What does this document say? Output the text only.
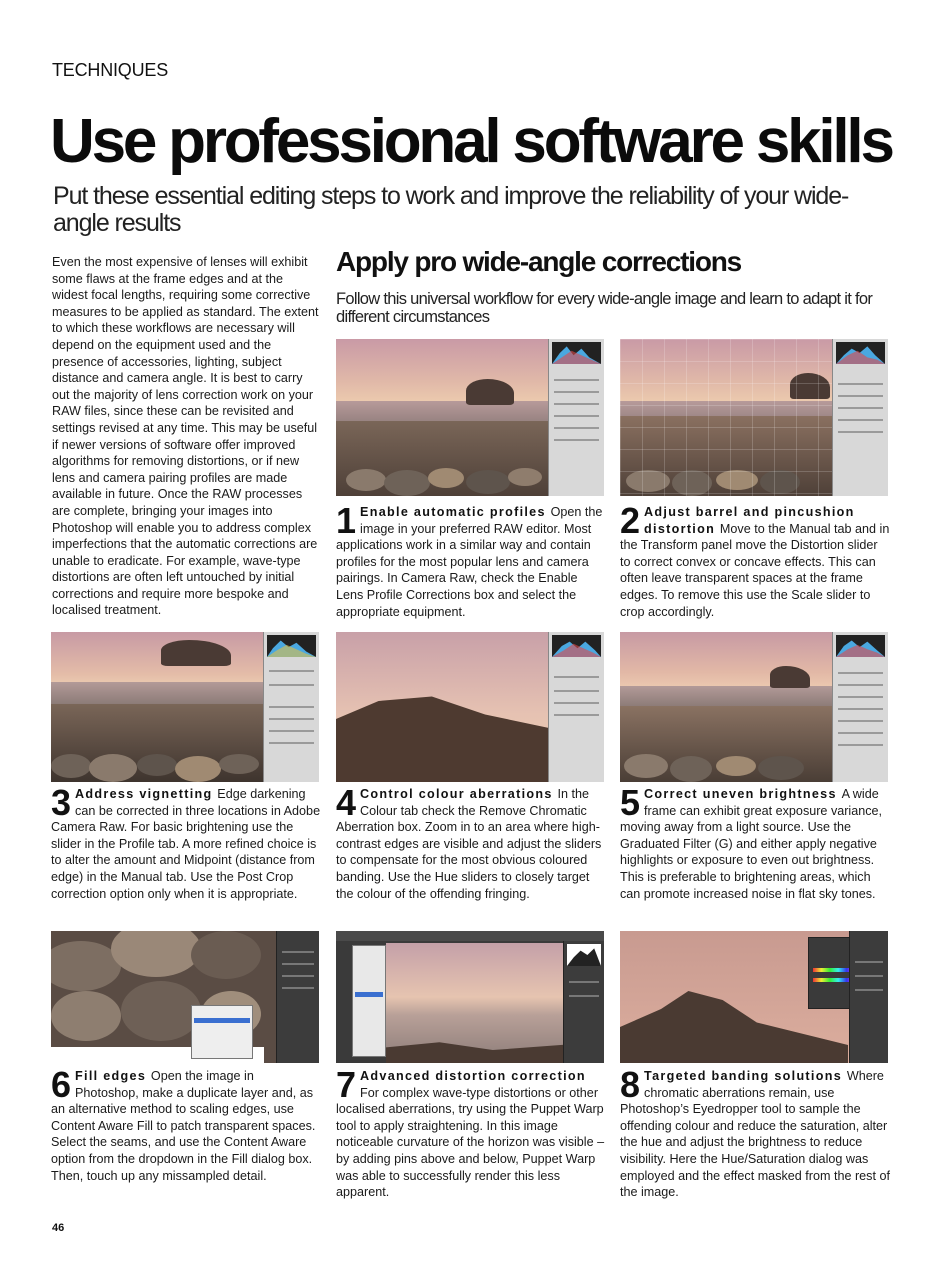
TECHNIQUES
Use professional software skills
Put these essential editing steps to work and improve the reliability of your wide-angle results
Even the most expensive of lenses will exhibit some flaws at the frame edges and at the widest focal lengths, requiring some corrective measures to be applied as standard. The extent to which these workflows are necessary will depend on the equipment used and the presence of accessories, lighting, subject distance and camera angle. It is best to carry out the majority of lens correction work on your RAW files, since these can be revisited and settings revised at any time. This may be useful if newer versions of software offer improved algorithms for removing distortions, or if new lens and camera pairing profiles are made available in future. Once the RAW processes are complete, bringing your images into Photoshop will enable you to address complex imperfections that the automatic corrections are unable to eradicate. For example, wave-type distortions are often left untouched by initial corrections and require more bespoke and localised treatment.
Apply pro wide-angle corrections
Follow this universal workflow for every wide-angle image and learn to adapt it for different circumstances
1 Enable automatic profiles Open the image in your preferred RAW editor. Most applications work in a similar way and contain profiles for the most popular lens and camera pairings. In Camera Raw, check the Enable Lens Profile Corrections box and select the appropriate equipment.
2 Adjust barrel and pincushion distortion Move to the Manual tab and in the Transform panel move the Distortion slider to correct convex or concave effects. This can often leave transparent spaces at the frame edges. To remove this use the Scale slider to crop accordingly.
3 Address vignetting Edge darkening can be corrected in three locations in Adobe Camera Raw. For basic brightening use the slider in the Profile tab. A more refined choice is to alter the amount and Midpoint (distance from edge) in the Manual tab. Use the Post Crop correction option only when it is appropriate.
4 Control colour aberrations In the Colour tab check the Remove Chromatic Aberration box. Zoom in to an area where high-contrast edges are visible and adjust the sliders to compensate for the most obvious coloured banding. Use the Hue sliders to closely target the colour of the offending fringing.
5 Correct uneven brightness A wide frame can exhibit great exposure variance, moving away from a light source. Use the Graduated Filter (G) and either apply negative highlights or exposure to even out brightness. This is preferable to brightening areas, which can promote increased noise in flat sky tones.
6 Fill edges Open the image in Photoshop, make a duplicate layer and, as an alternative method to scaling edges, use Content Aware Fill to patch transparent spaces. Select the seams, and use the Content Aware option from the dropdown in the Fill dialog box. Then, touch up any missampled detail.
7 Advanced distortion correction For complex wave-type distortions or other localised aberrations, try using the Puppet Warp tool to apply straightening. In this image noticeable curvature of the horizon was visible – by adding pins above and below, Puppet Warp was able to successfully render this less apparent.
8 Targeted banding solutions Where chromatic aberrations remain, use Photoshop’s Eyedropper tool to sample the offending colour and reduce the saturation, alter the hue and adjust the brightness to reduce visibility. Here the Hue/Saturation dialog was employed and the effect masked from the rest of the image.
46
